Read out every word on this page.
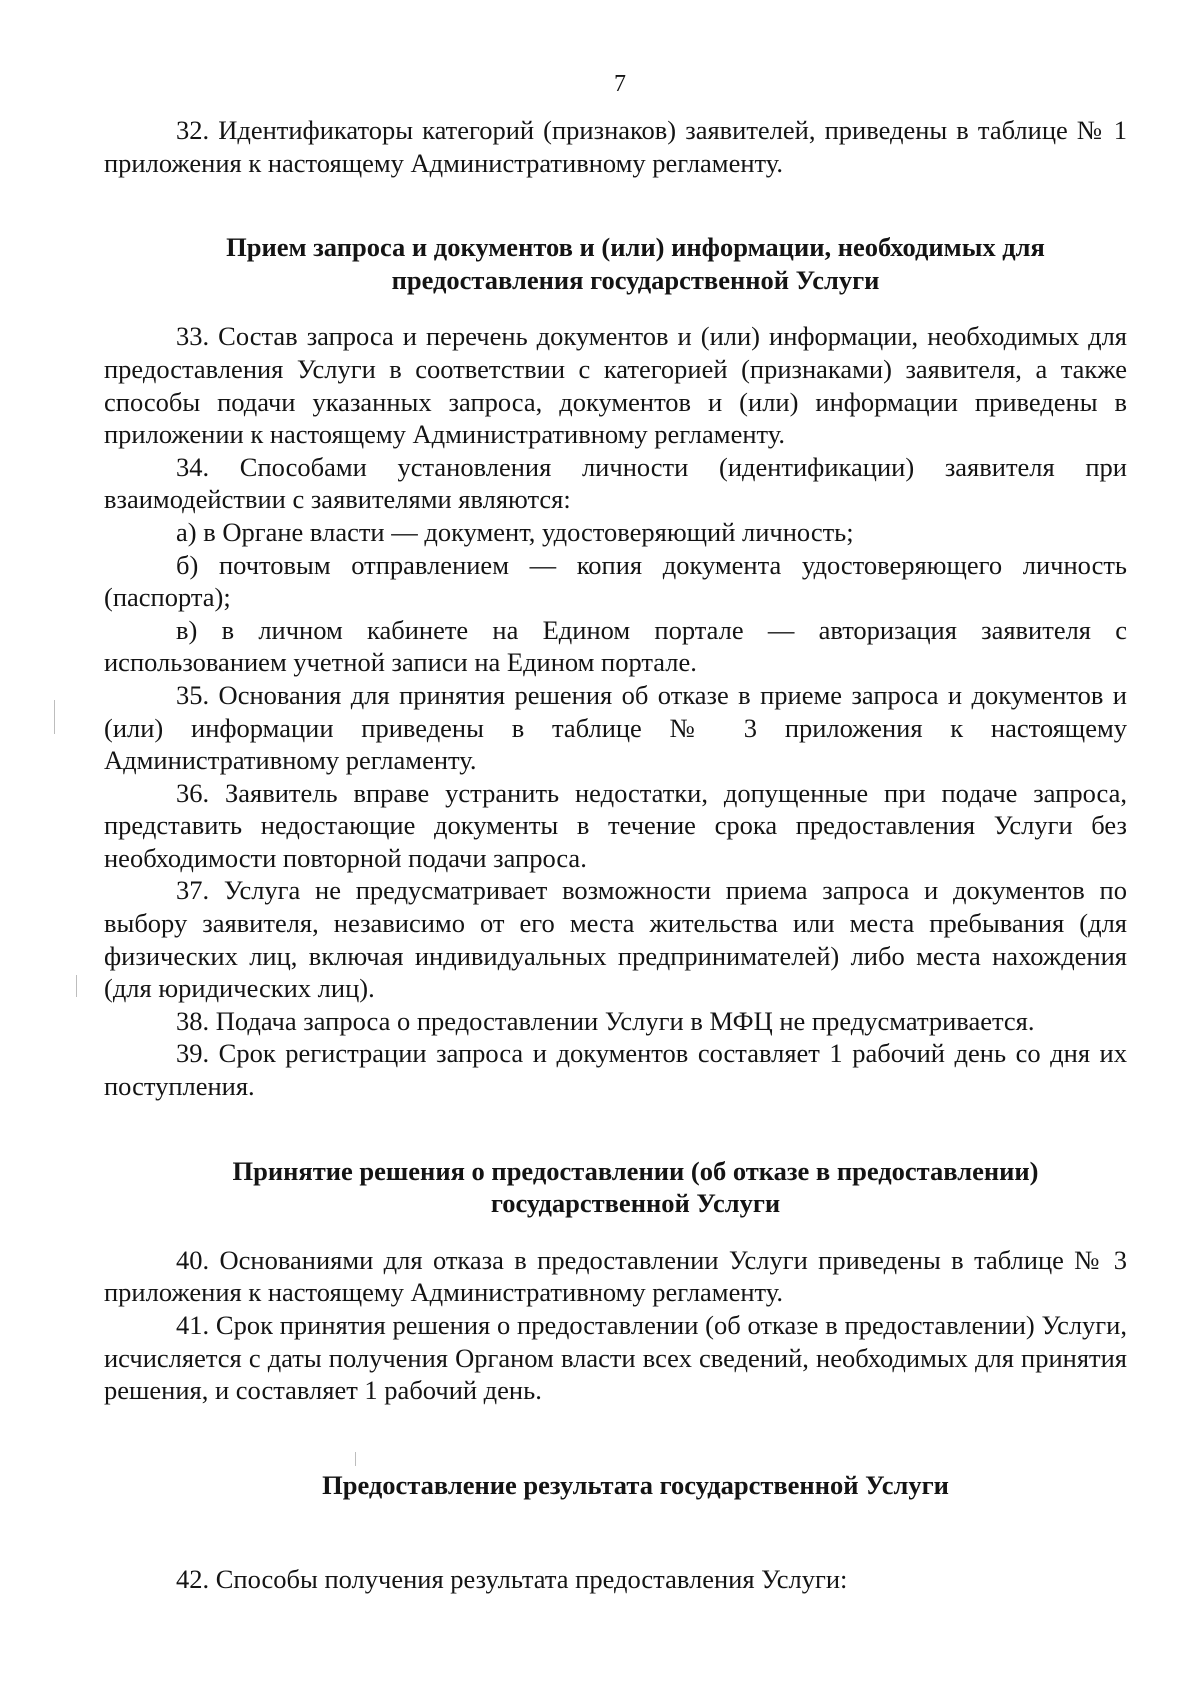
7

32. Идентификаторы категорий (признаков) заявителей, приведены в таблице № 1 приложения к настоящему Административному регламенту.

Прием запроса и документов и (или) информации, необходимых для предоставления государственной Услуги

33. Состав запроса и перечень документов и (или) информации, необходимых для предоставления Услуги в соответствии с категорией (признаками) заявителя, а также способы подачи указанных запроса, документов и (или) информации приведены в приложении к настоящему Административному регламенту.

34. Способами установления личности (идентификации) заявителя при взаимодействии с заявителями являются:

а) в Органе власти — документ, удостоверяющий личность;

б) почтовым отправлением — копия документа удостоверяющего личность (паспорта);

в) в личном кабинете на Едином портале — авторизация заявителя с использованием учетной записи на Едином портале.

35. Основания для принятия решения об отказе в приеме запроса и документов и (или) информации приведены в таблице № 3 приложения к настоящему Административному регламенту.

36. Заявитель вправе устранить недостатки, допущенные при подаче запроса, представить недостающие документы в течение срока предоставления Услуги без необходимости повторной подачи запроса.

37. Услуга не предусматривает возможности приема запроса и документов по выбору заявителя, независимо от его места жительства или места пребывания (для физических лиц, включая индивидуальных предпринимателей) либо места нахождения (для юридических лиц).

38. Подача запроса о предоставлении Услуги в МФЦ не предусматривается.

39. Срок регистрации запроса и документов составляет 1 рабочий день со дня их поступления.

Принятие решения о предоставлении (об отказе в предоставлении) государственной Услуги

40. Основаниями для отказа в предоставлении Услуги приведены в таблице № 3 приложения к настоящему Административному регламенту.

41. Срок принятия решения о предоставлении (об отказе в предоставлении) Услуги, исчисляется с даты получения Органом власти всех сведений, необходимых для принятия решения, и составляет 1 рабочий день.

Предоставление результата государственной Услуги

42. Способы получения результата предоставления Услуги:
